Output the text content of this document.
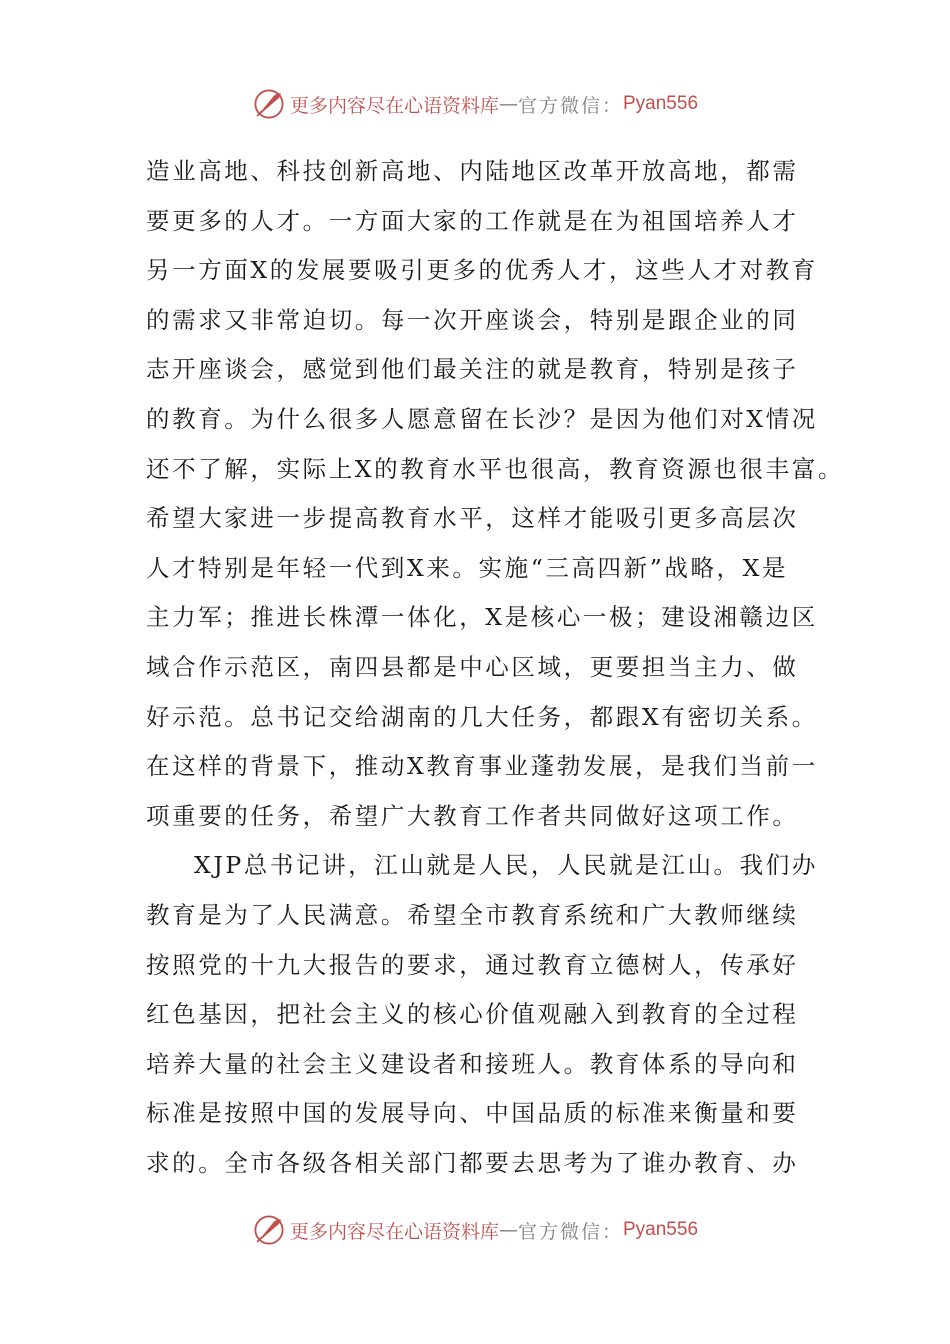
更多内容尽在心语资料库 — 官方微信： Pyan556
造业高地、科技创新高地、内陆地区改革开放高地，都需
要更多的人才。一方面大家的工作就是在为祖国培养人才
另一方面X的发展要吸引更多的优秀人才，这些人才对教育
的需求又非常迫切。每一次开座谈会，特别是跟企业的同
志开座谈会，感觉到他们最关注的就是教育，特别是孩子
的教育。为什么很多人愿意留在长沙？是因为他们对X情况
还不了解，实际上X的教育水平也很高，教育资源也很丰富。
希望大家进一步提高教育水平，这样才能吸引更多高层次
人才特别是年轻一代到X来。实施“三高四新”战略，X是
主力军；推进长株潭一体化，X是核心一极；建设湘赣边区
域合作示范区，南四县都是中心区域，更要担当主力、做
好示范。总书记交给湖南的几大任务，都跟X有密切关系。
在这样的背景下，推动X教育事业蓬勃发展，是我们当前一
项重要的任务，希望广大教育工作者共同做好这项工作。
XJP总书记讲，江山就是人民，人民就是江山。我们办
教育是为了人民满意。希望全市教育系统和广大教师继续
按照党的十九大报告的要求，通过教育立德树人，传承好
红色基因，把社会主义的核心价值观融入到教育的全过程
培养大量的社会主义建设者和接班人。教育体系的导向和
标准是按照中国的发展导向、中国品质的标准来衡量和要
求的。全市各级各相关部门都要去思考为了谁办教育、办
更多内容尽在心语资料库 — 官方微信： Pyan556
